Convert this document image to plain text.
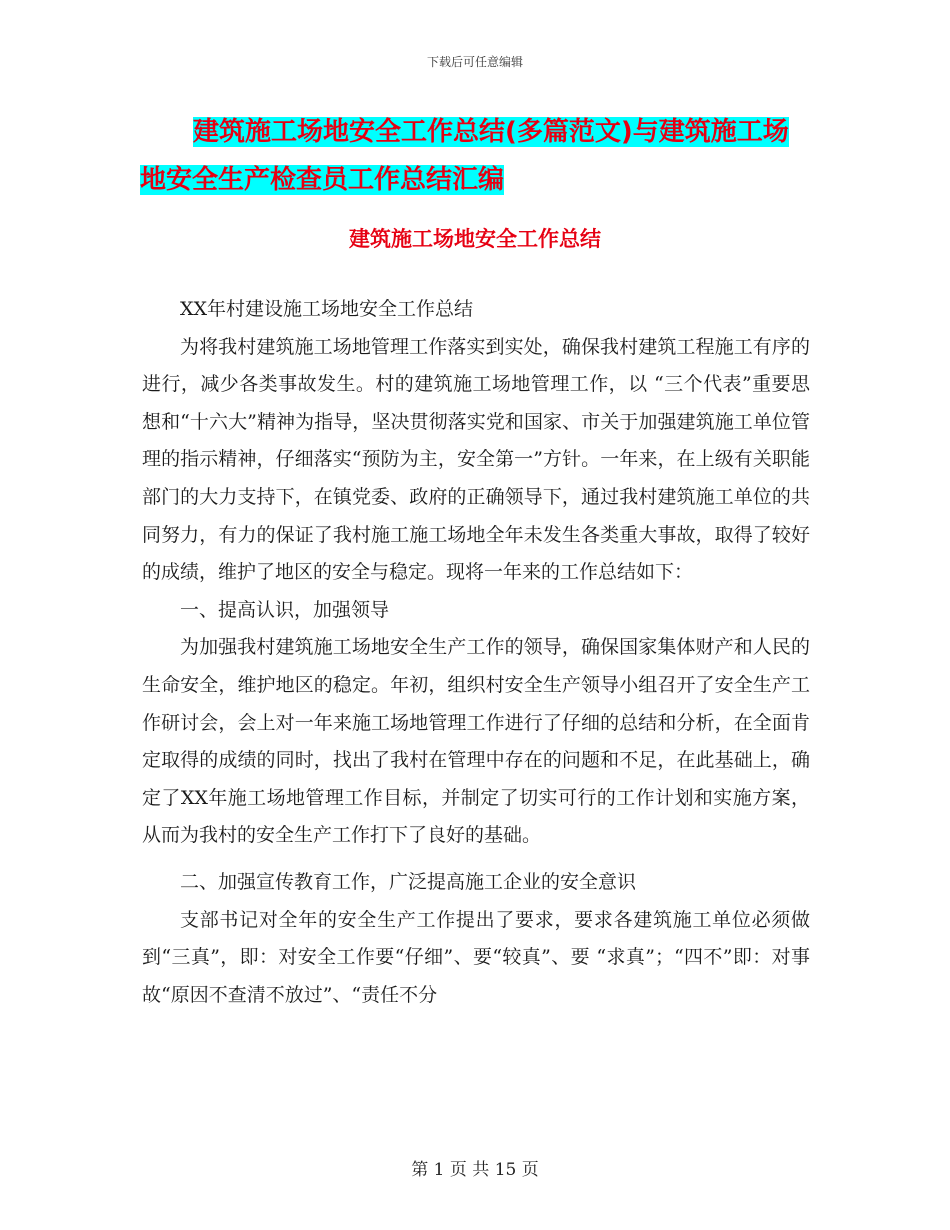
下载后可任意编辑
建筑施工场地安全工作总结(多篇范文)与建筑施工场
地安全生产检查员工作总结汇编
建筑施工场地安全工作总结

XX年村建设施工场地安全工作总结

为将我村建筑施工场地管理工作落实到实处，确保我村建筑工程施工有序的进行，减少各类事故发生。村的建筑施工场地管理工作，以 “三个代表”重要思想和“十六大”精神为指导，坚决贯彻落实党和国家、市关于加强建筑施工单位管理的指示精神，仔细落实“预防为主，安全第一”方针。一年来，在上级有关职能部门的大力支持下，在镇党委、政府的正确领导下，通过我村建筑施工单位的共同努力，有力的保证了我村施工施工场地全年未发生各类重大事故，取得了较好的成绩，维护了地区的安全与稳定。现将一年来的工作总结如下：

一、提高认识，加强领导

为加强我村建筑施工场地安全生产工作的领导，确保国家集体财产和人民的生命安全，维护地区的稳定。年初，组织村安全生产领导小组召开了安全生产工作研讨会，会上对一年来施工场地管理工作进行了仔细的总结和分析，在全面肯定取得的成绩的同时，找出了我村在管理中存在的问题和不足，在此基础上，确定了XX年施工场地管理工作目标，并制定了切实可行的工作计划和实施方案，从而为我村的安全生产工作打下了良好的基础。

二、加强宣传教育工作，广泛提高施工企业的安全意识

支部书记对全年的安全生产工作提出了要求，要求各建筑施工单位必须做到“三真”，即：对安全工作要“仔细”、要“较真”、要 “求真”；“四不”即：对事故“原因不查清不放过”、“责任不分

第 1 页 共 15 页
